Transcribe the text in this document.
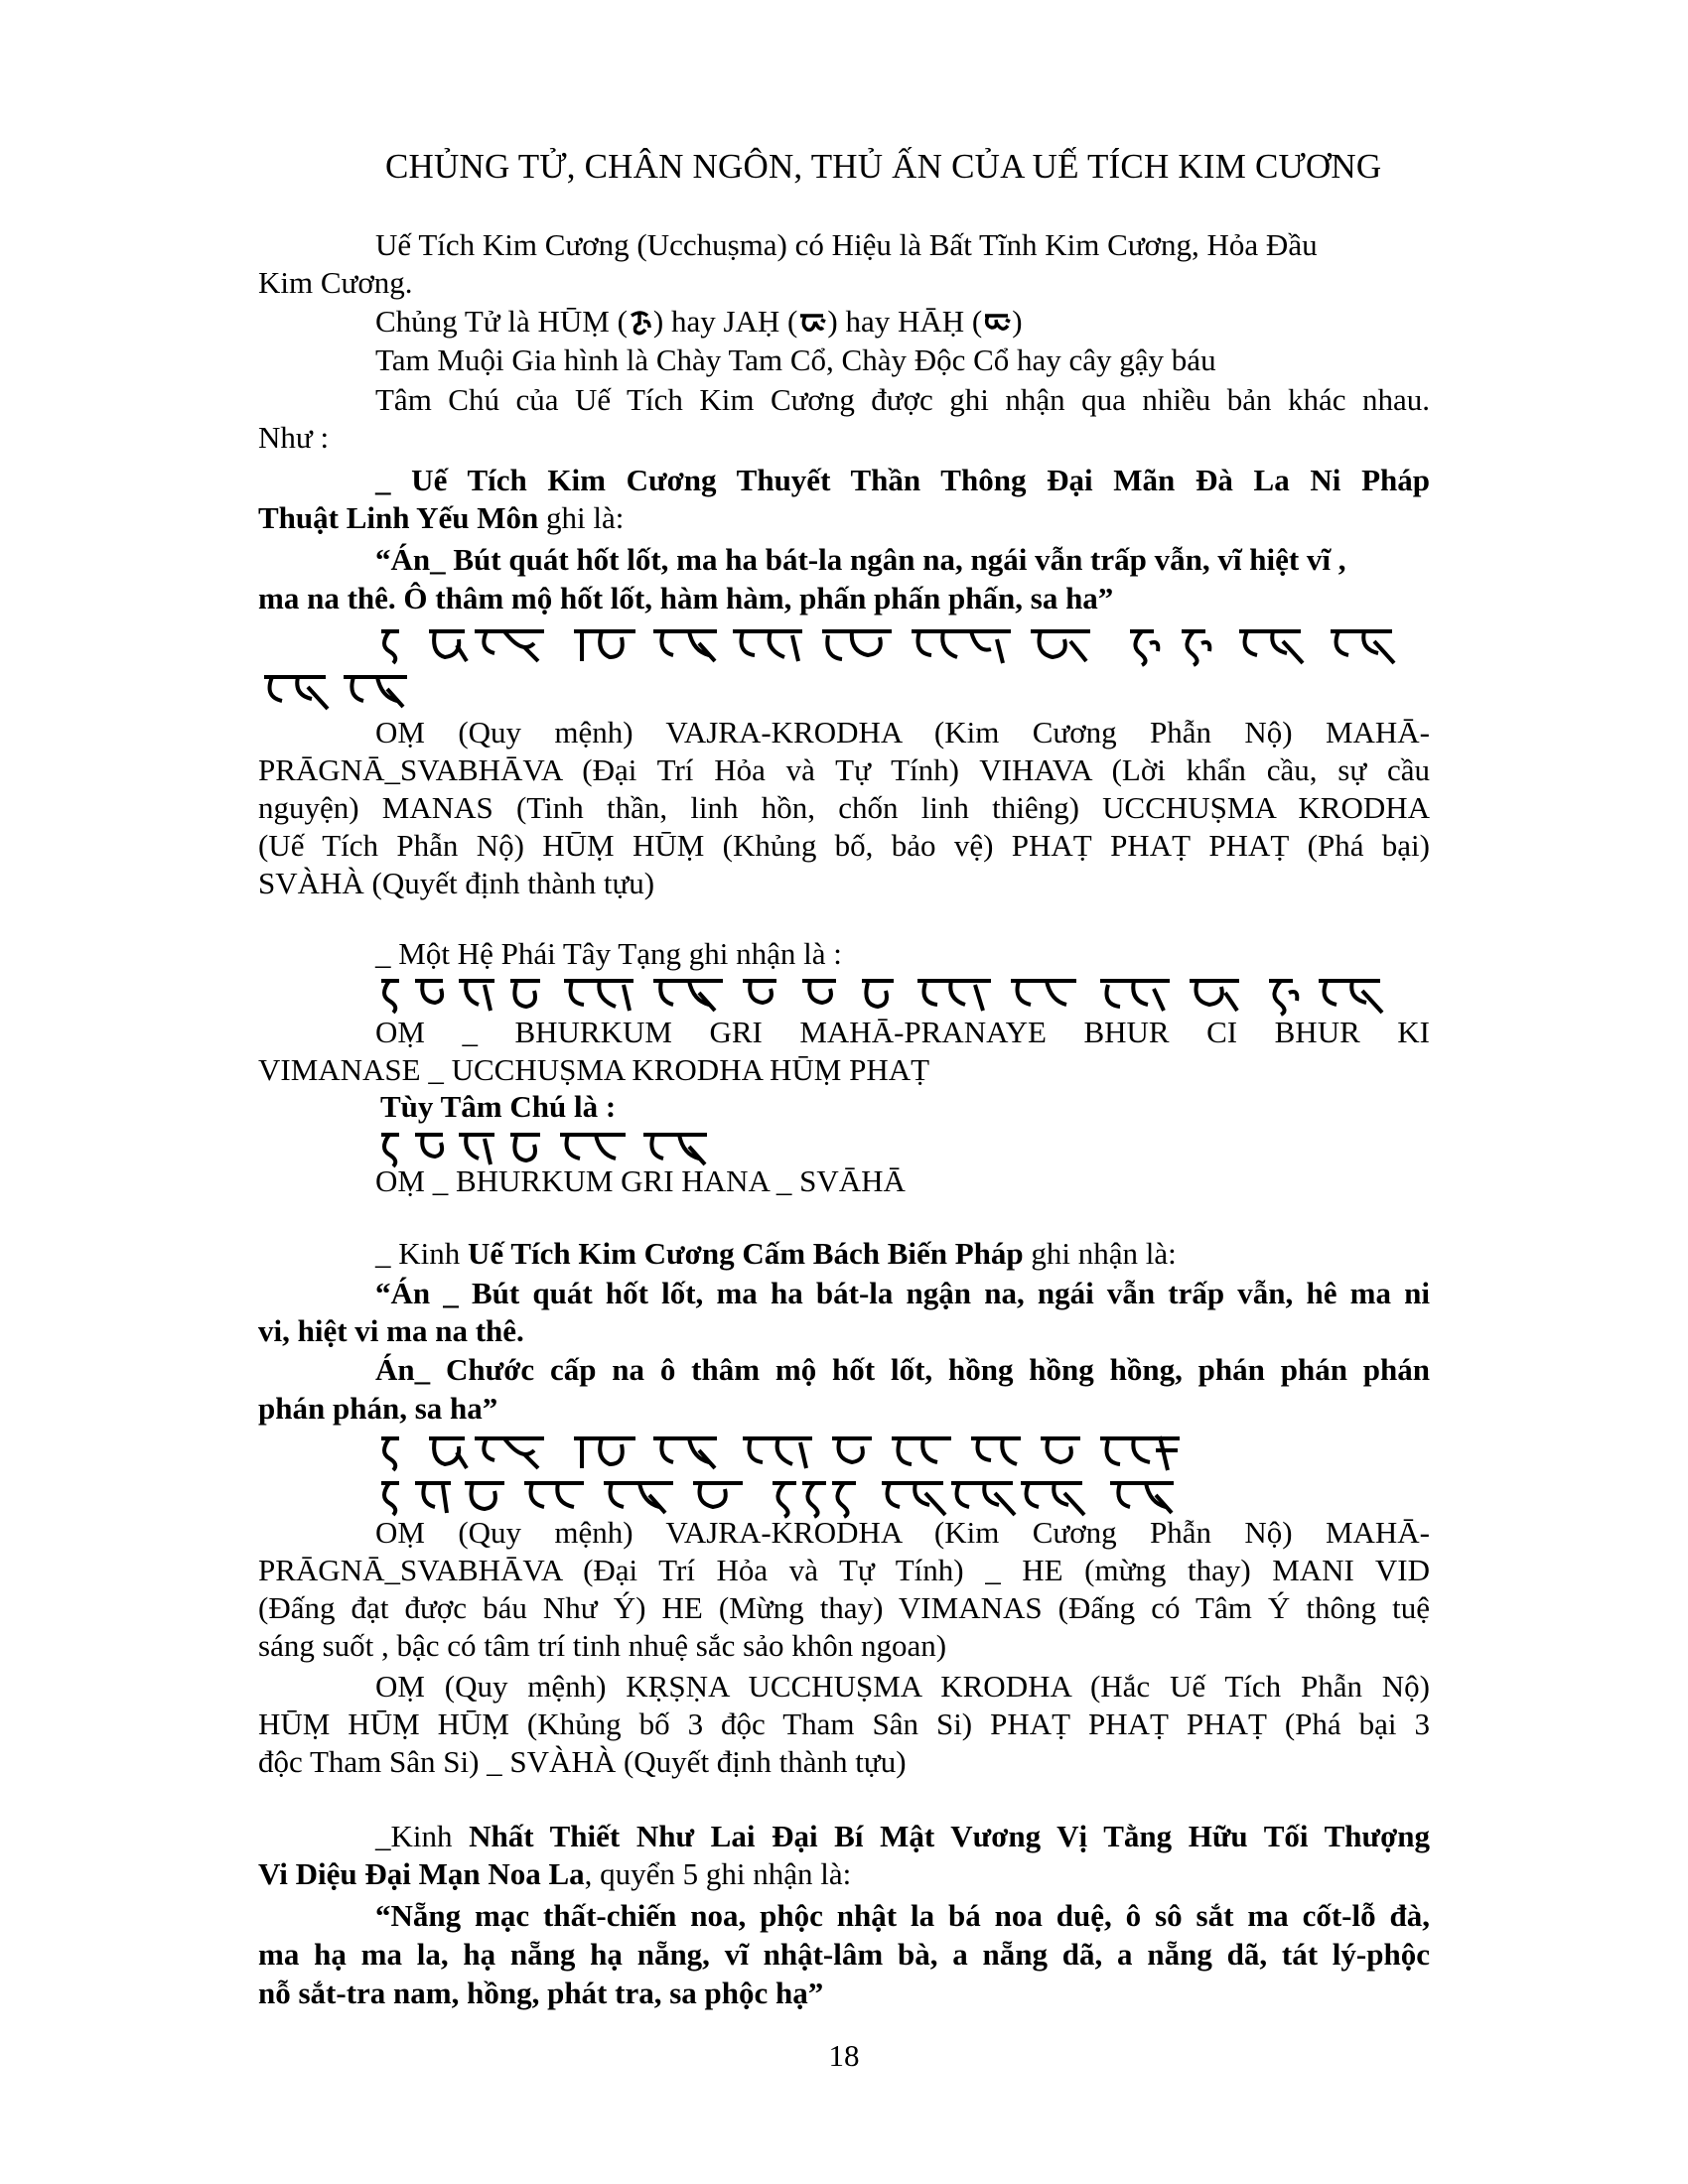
CHỦNG TỬ, CHÂN NGÔN, THỦ ẤN CỦA UẾ TÍCH KIM CƯƠNG
Uế Tích Kim Cương (Ucchuṣma) có Hiệu là Bất Tĩnh Kim Cương, Hỏa Đầu
Kim Cương.
Chủng Tử là HŪṂ ( ) hay JAḤ ( ) hay HĀḤ ( )
Tam Muội Gia hình là Chày Tam Cổ, Chày Độc Cổ hay cây gậy báu
Tâm Chú của Uế Tích Kim Cương được ghi nhận qua nhiều bản khác nhau.
Như :
_ Uế Tích Kim Cương Thuyết Thần Thông Đại Mãn Đà La Ni Pháp
Thuật Linh Yếu Môn ghi là:
“Án_ Bút quát hốt lốt, ma ha bát-la ngân na, ngái vẫn trấp vẫn, vĩ hiệt vĩ ,
ma na thê. Ô thâm mộ hốt lốt, hàm hàm, phấn phấn phấn, sa ha”
OṂ (Quy mệnh) VAJRA-KRODHA (Kim Cương Phẫn Nộ) MAHĀ-
PRĀGNĀ_SVABHĀVA (Đại Trí Hỏa và Tự Tính) VIHAVA (Lời khẩn cầu, sự cầu
nguyện) MANAS (Tinh thần, linh hồn, chốn linh thiêng) UCCHUṢMA KRODHA
(Uế Tích Phẫn Nộ) HŪṂ HŪṂ (Khủng bố, bảo vệ) PHAṬ PHAṬ PHAṬ (Phá bại)
SVÀHÀ (Quyết định thành tựu)
_ Một Hệ Phái Tây Tạng ghi nhận là :
OṂ _ BHURKUM GRI MAHĀ-PRANAYE BHUR CI BHUR KI
VIMANASE _ UCCHUṢMA KRODHA HŪṂ PHAṬ
Tùy Tâm Chú là :
OṂ _ BHURKUM GRI HANA _ SVĀHĀ
_ Kinh Uế Tích Kim Cương Cấm Bách Biến Pháp ghi nhận là:
“Án _ Bút quát hốt lốt, ma ha bát-la ngận na, ngái vẫn trấp vẫn, hê ma ni
vi, hiệt vi ma na thê.
Án_ Chước cấp na ô thâm mộ hốt lốt, hồng hồng hồng, phán phán phán
phán phán, sa ha”
OṂ (Quy mệnh) VAJRA-KRODHA (Kim Cương Phẫn Nộ) MAHĀ-
PRĀGNĀ_SVABHĀVA (Đại Trí Hỏa và Tự Tính) _ HE (mừng thay) MANI VID
(Đấng đạt được báu Như Ý) HE (Mừng thay) VIMANAS (Đấng có Tâm Ý thông tuệ
sáng suốt , bậc có tâm trí tinh nhuệ sắc sảo khôn ngoan)
OṂ (Quy mệnh) KṚṢṆA UCCHUṢMA KRODHA (Hắc Uế Tích Phẫn Nộ)
HŪṂ HŪṂ HŪṂ (Khủng bố 3 độc Tham Sân Si) PHAṬ PHAṬ PHAṬ (Phá bại 3
độc Tham Sân Si) _ SVÀHÀ (Quyết định thành tựu)
_Kinh Nhất Thiết Như Lai Đại Bí Mật Vương Vị Tằng Hữu Tối Thượng
Vi Diệu Đại Mạn Noa La, quyển 5 ghi nhận là:
“Nẵng mạc thất-chiến noa, phộc nhật la bá noa duệ, ô sô sắt ma cốt-lỗ đà,
ma hạ ma la, hạ nẵng hạ nẵng, vĩ nhật-lâm bà, a nẵng dã, a nẵng dã, tát lý-phộc
nỗ sắt-tra nam, hồng, phát tra, sa phộc hạ”
18
